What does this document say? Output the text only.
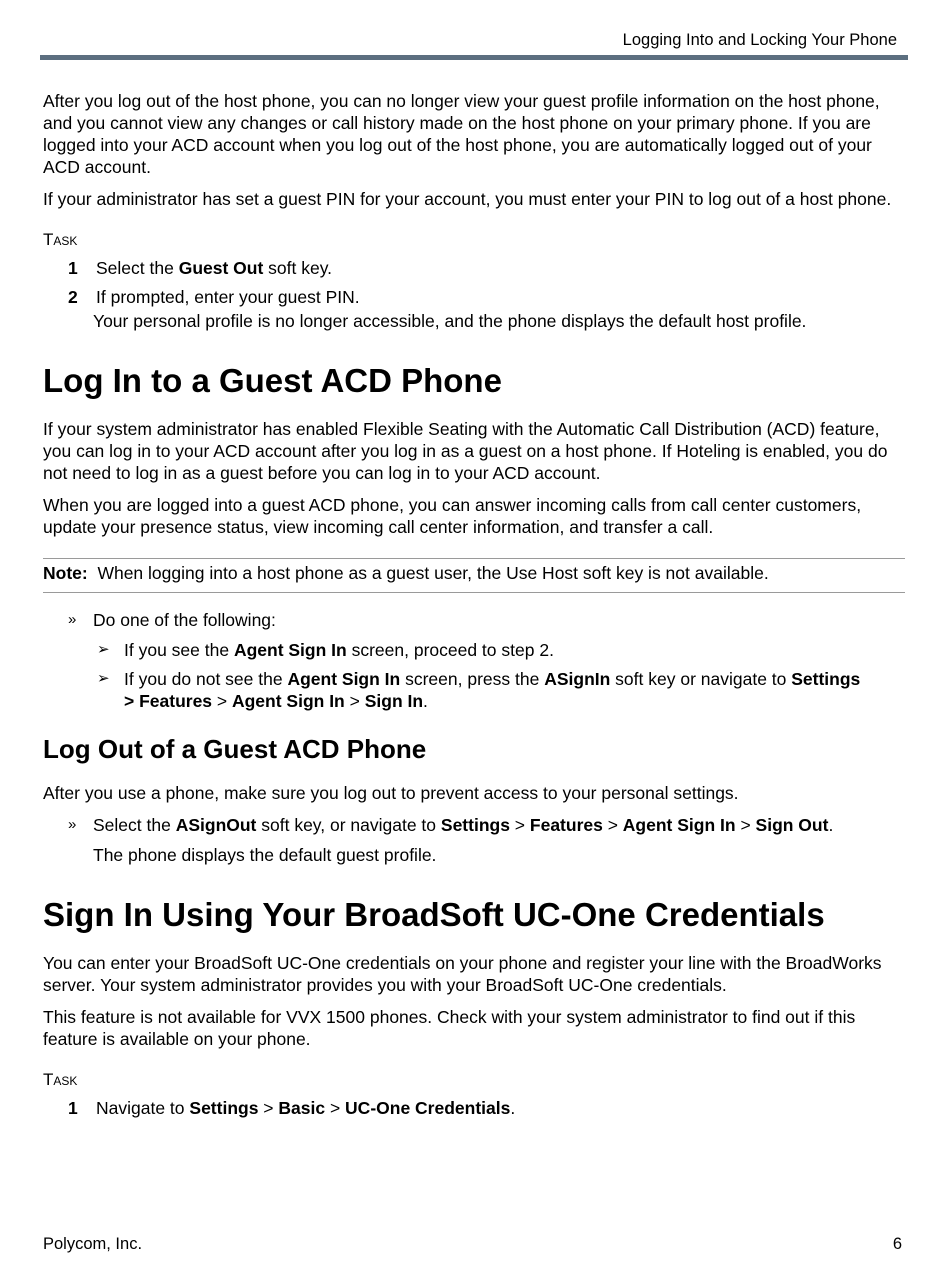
Logging Into and Locking Your Phone

After you log out of the host phone, you can no longer view your guest profile information on the host phone, and you cannot view any changes or call history made on the host phone on your primary phone. If you are logged into your ACD account when you log out of the host phone, you are automatically logged out of your ACD account.

If your administrator has set a guest PIN for your account, you must enter your PIN to log out of a host phone.

Task
1 Select the Guest Out soft key.
2 If prompted, enter your guest PIN.
Your personal profile is no longer accessible, and the phone displays the default host profile.
Log In to a Guest ACD Phone

If your system administrator has enabled Flexible Seating with the Automatic Call Distribution (ACD) feature, you can log in to your ACD account after you log in as a guest on a host phone. If Hoteling is enabled, you do not need to log in as a guest before you can log in to your ACD account.

When you are logged into a guest ACD phone, you can answer incoming calls from call center customers, update your presence status, view incoming call center information, and transfer a call.

Note: When logging into a host phone as a guest user, the Use Host soft key is not available.
» Do one of the following:
➢ If you see the Agent Sign In screen, proceed to step 2.
➢ If you do not see the Agent Sign In screen, press the ASignIn soft key or navigate to Settings
> Features > Agent Sign In > Sign In.
Log Out of a Guest ACD Phone

After you use a phone, make sure you log out to prevent access to your personal settings.

» Select the ASignOut soft key, or navigate to Settings > Features > Agent Sign In > Sign Out.
The phone displays the default guest profile.
Sign In Using Your BroadSoft UC-One Credentials

You can enter your BroadSoft UC-One credentials on your phone and register your line with the BroadWorks server. Your system administrator provides you with your BroadSoft UC-One credentials.

This feature is not available for VVX 1500 phones. Check with your system administrator to find out if this feature is available on your phone.

Task
1 Navigate to Settings > Basic > UC-One Credentials.
Polycom, Inc.	6
